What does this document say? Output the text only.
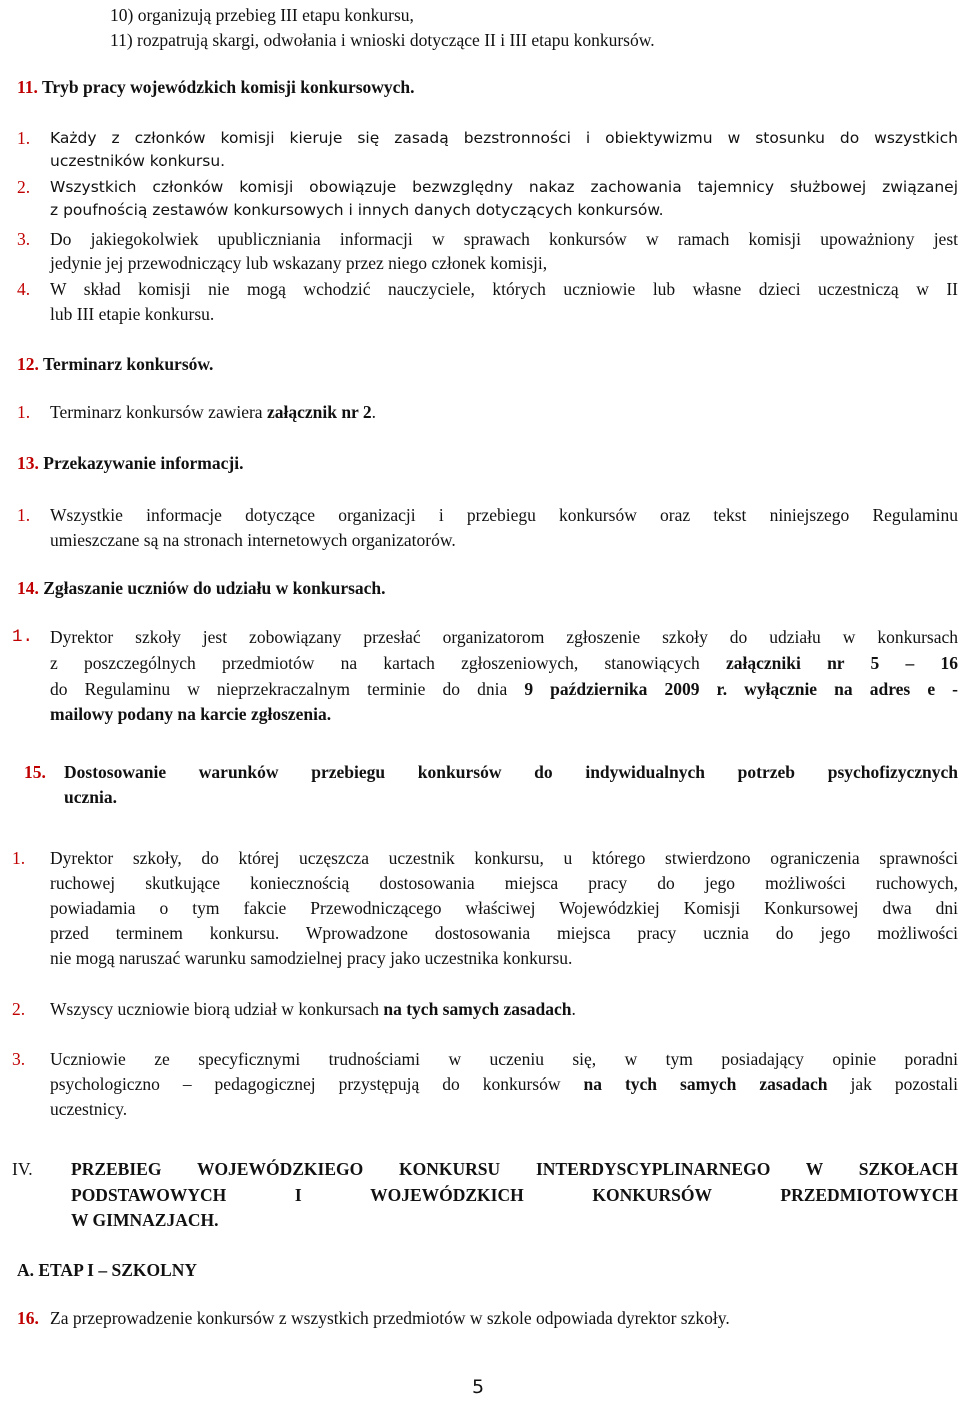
10) organizują przebieg III etapu konkursu,
11) rozpatrują skargi, odwołania i wnioski dotyczące II i III etapu konkursów.
11. Tryb pracy wojewódzkich komisji konkursowych.
1. Każdy z członków komisji kieruje się zasadą bezstronności i obiektywizmu w stosunku do wszystkich
uczestników konkursu.
2. Wszystkich członków komisji obowiązuje bezwzględny nakaz zachowania tajemnicy służbowej związanej
z poufnością zestawów konkursowych i innych danych dotyczących konkursów.
3. Do jakiegokolwiek upubliczniania informacji w sprawach konkursów w ramach komisji upoważniony jest
jedynie jej przewodniczący lub wskazany przez niego członek komisji,
4. W skład komisji nie mogą wchodzić nauczyciele, których uczniowie lub własne dzieci uczestniczą w II
lub III etapie konkursu.
12. Terminarz konkursów.
1. Terminarz konkursów zawiera załącznik nr 2.
13. Przekazywanie informacji.
1. Wszystkie informacje dotyczące organizacji i przebiegu konkursów oraz tekst niniejszego Regulaminu
umieszczane są na stronach internetowych organizatorów.
14. Zgłaszanie uczniów do udziału w konkursach.
1. Dyrektor szkoły jest zobowiązany przesłać organizatorom zgłoszenie szkoły do udziału w konkursach
z poszczególnych przedmiotów na kartach zgłoszeniowych, stanowiących załączniki nr 5 – 16
do Regulaminu w nieprzekraczalnym terminie do dnia 9 października 2009 r. wyłącznie na adres e -
mailowy podany na karcie zgłoszenia.
15. Dostosowanie warunków przebiegu konkursów do indywidualnych potrzeb psychofizycznych
ucznia.
1. Dyrektor szkoły, do której uczęszcza uczestnik konkursu, u którego stwierdzono ograniczenia sprawności
ruchowej skutkujące koniecznością dostosowania miejsca pracy do jego możliwości ruchowych,
powiadamia o tym fakcie Przewodniczącego właściwej Wojewódzkiej Komisji Konkursowej dwa dni
przed terminem konkursu. Wprowadzone dostosowania miejsca pracy ucznia do jego możliwości
nie mogą naruszać warunku samodzielnej pracy jako uczestnika konkursu.
2. Wszyscy uczniowie biorą udział w konkursach na tych samych zasadach.
3. Uczniowie ze specyficznymi trudnościami w uczeniu się, w tym posiadający opinie poradni
psychologiczno – pedagogicznej przystępują do konkursów na tych samych zasadach jak pozostali
uczestnicy.
IV. PRZEBIEG WOJEWÓDZKIEGO KONKURSU INTERDYSCYPLINARNEGO W SZKOŁACH
PODSTAWOWYCH I WOJEWÓDZKICH KONKURSÓW PRZEDMIOTOWYCH
W GIMNAZJACH.
A. ETAP I – SZKOLNY
16. Za przeprowadzenie konkursów z wszystkich przedmiotów w szkole odpowiada dyrektor szkoły.
5
